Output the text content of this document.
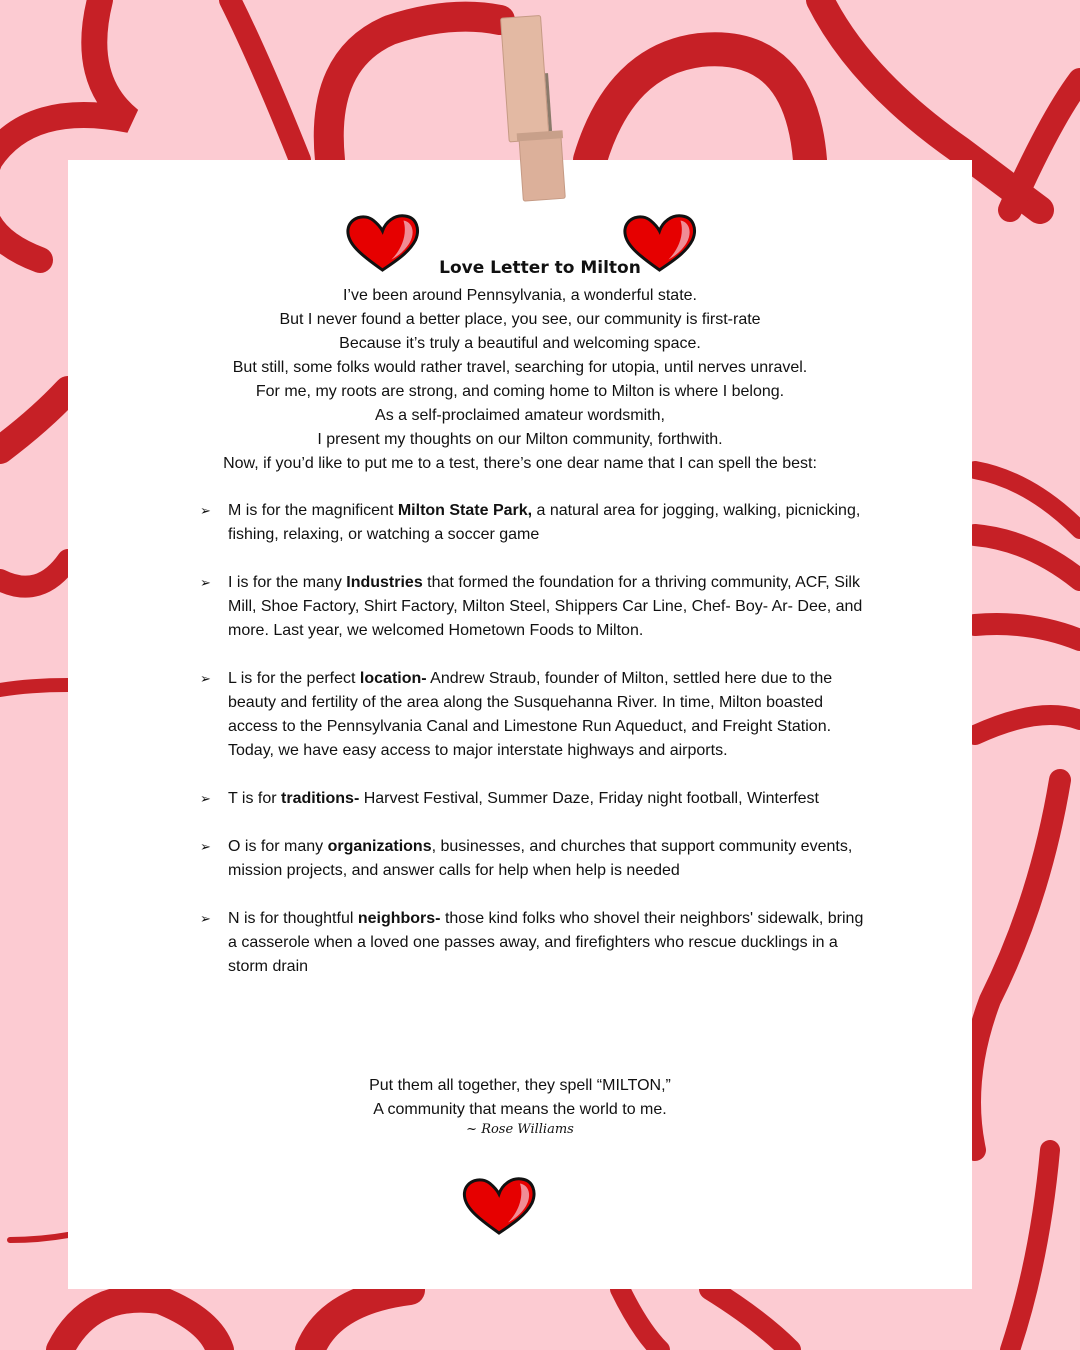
Love Letter to Milton
I’ve been around Pennsylvania, a wonderful state.
But I never found a better place, you see, our community is first-rate
Because it’s truly a beautiful and welcoming space.
But still, some folks would rather travel, searching for utopia, until nerves unravel.
For me, my roots are strong, and coming home to Milton is where I belong.
As a self-proclaimed amateur wordsmith,
I present my thoughts on our Milton community, forthwith.
Now, if you’d like to put me to a test, there’s one dear name that I can spell the best:
➢ M is for the magnificent Milton State Park, a natural area for jogging, walking, picnicking, fishing, relaxing, or watching a soccer game
➢ I is for the many Industries that formed the foundation for a thriving community, ACF, Silk Mill, Shoe Factory, Shirt Factory, Milton Steel, Shippers Car Line, Chef- Boy- Ar- Dee, and more. Last year, we welcomed Hometown Foods to Milton.
➢ L is for the perfect location- Andrew Straub, founder of Milton, settled here due to the beauty and fertility of the area along the Susquehanna River. In time, Milton boasted access to the Pennsylvania Canal and Limestone Run Aqueduct, and Freight Station. Today, we have easy access to major interstate highways and airports.
➢ T is for traditions- Harvest Festival, Summer Daze, Friday night football, Winterfest
➢ O is for many organizations, businesses, and churches that support community events, mission projects, and answer calls for help when help is needed
➢ N is for thoughtful neighbors- those kind folks who shovel their neighbors' sidewalk, bring a casserole when a loved one passes away, and firefighters who rescue ducklings in a storm drain
Put them all together, they spell “MILTON,”
A community that means the world to me.
~ Rose Williams
